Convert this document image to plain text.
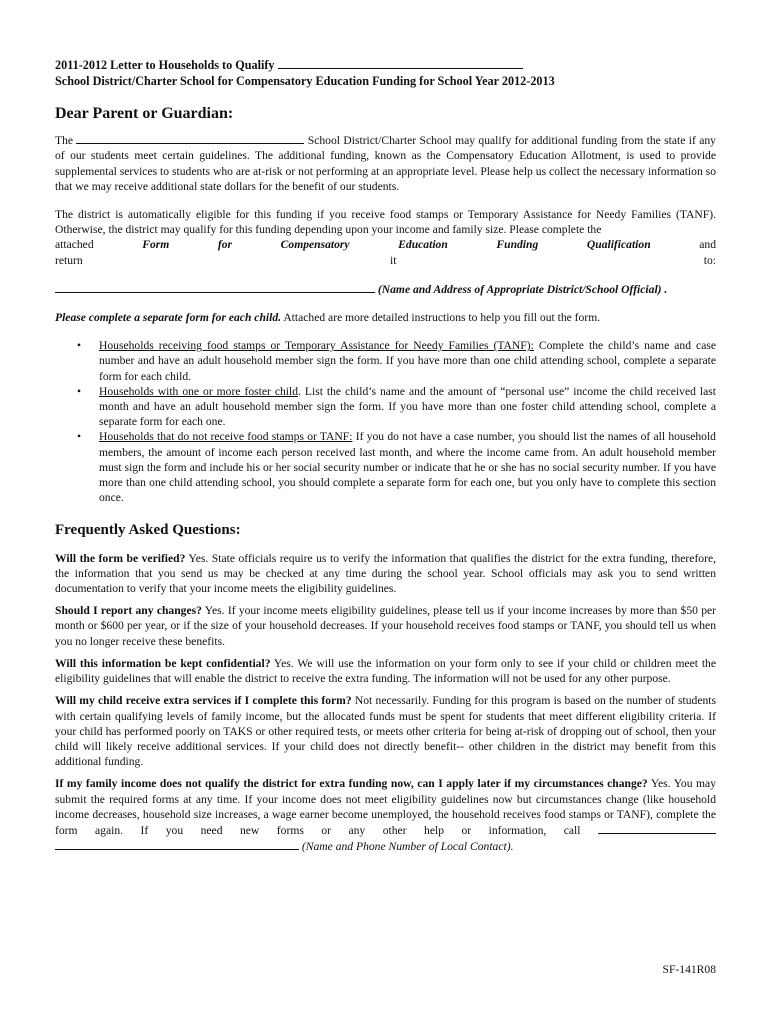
2011-2012 Letter to Households to Qualify

School District/Charter School for Compensatory Education Funding for School Year 2012-2013

Dear Parent or Guardian:

The	School District/Charter School may qualify for additional funding from the state if any of our students meet certain guidelines. The additional funding, known as the Compensatory Education Allotment, is used to provide supplemental services to students who are at-risk or not performing at an appropriate level. Please help us collect the necessary information so that we may receive additional state dollars for the benefit of our students.

The district is automatically eligible for this funding if you receive food stamps or Temporary Assistance for Needy Families (TANF). Otherwise, the district may qualify for this funding depending upon your income and family size. Please complete the

attached	Form for Compensatory Education Funding Qualification	and return it to:

(Name and Address of Appropriate District/School Official) .

Please complete a separate form for each child. Attached are more detailed instructions to help you fill out the form.

• Households receiving food stamps or Temporary Assistance for Needy Families (TANF): Complete the child’s name and case number and have an adult household member sign the form. If you have more than one child attending school, complete a separate form for each child.
• Households with one or more foster child. List the child’s name and the amount of “personal use” income the child received last month and have an adult household member sign the form. If you have more than one foster child attending school, complete a separate form for each one.
• Households that do not receive food stamps or TANF: If you do not have a case number, you should list the names of all household members, the amount of income each person received last month, and where the income came from. An adult household member must sign the form and include his or her social security number or indicate that he or she has no social security number. If you have more than one child attending school, you should complete a separate form for each one, but you only have to complete this section once.
Frequently Asked Questions:

Will the form be verified? Yes. State officials require us to verify the information that qualifies the district for the extra funding, therefore, the information that you send us may be checked at any time during the school year. School officials may ask you to send written documentation to verify that your income meets the eligibility guidelines.

Should I report any changes? Yes. If your income meets eligibility guidelines, please tell us if your income increases by more than $50 per month or $600 per year, or if the size of your household decreases. If your household receives food stamps or TANF, you should tell us when you no longer receive these benefits.

Will this information be kept confidential? Yes. We will use the information on your form only to see if your child or children meet the eligibility guidelines that will enable the district to receive the extra funding. The information will not be used for any other purpose.

Will my child receive extra services if I complete this form? Not necessarily. Funding for this program is based on the number of students with certain qualifying levels of family income, but the allocated funds must be spent for students that meet different eligibility criteria. If your child has performed poorly on TAKS or other required tests, or meets other criteria for being at-risk of dropping out of school, then your child will likely receive additional services. If your child does not directly benefit-- other children in the district may benefit from this additional funding.

If my family income does not qualify the district for extra funding now, can I apply later if my circumstances change? Yes. You may submit the required forms at any time. If your income does not meet eligibility guidelines now but circumstances change (like household income decreases, household size increases, a wage earner become unemployed, the household receives food stamps or TANF), complete the form again. If you need new forms or any other help or information, call   (Name and Phone Number of Local Contact).

SF-141R08
